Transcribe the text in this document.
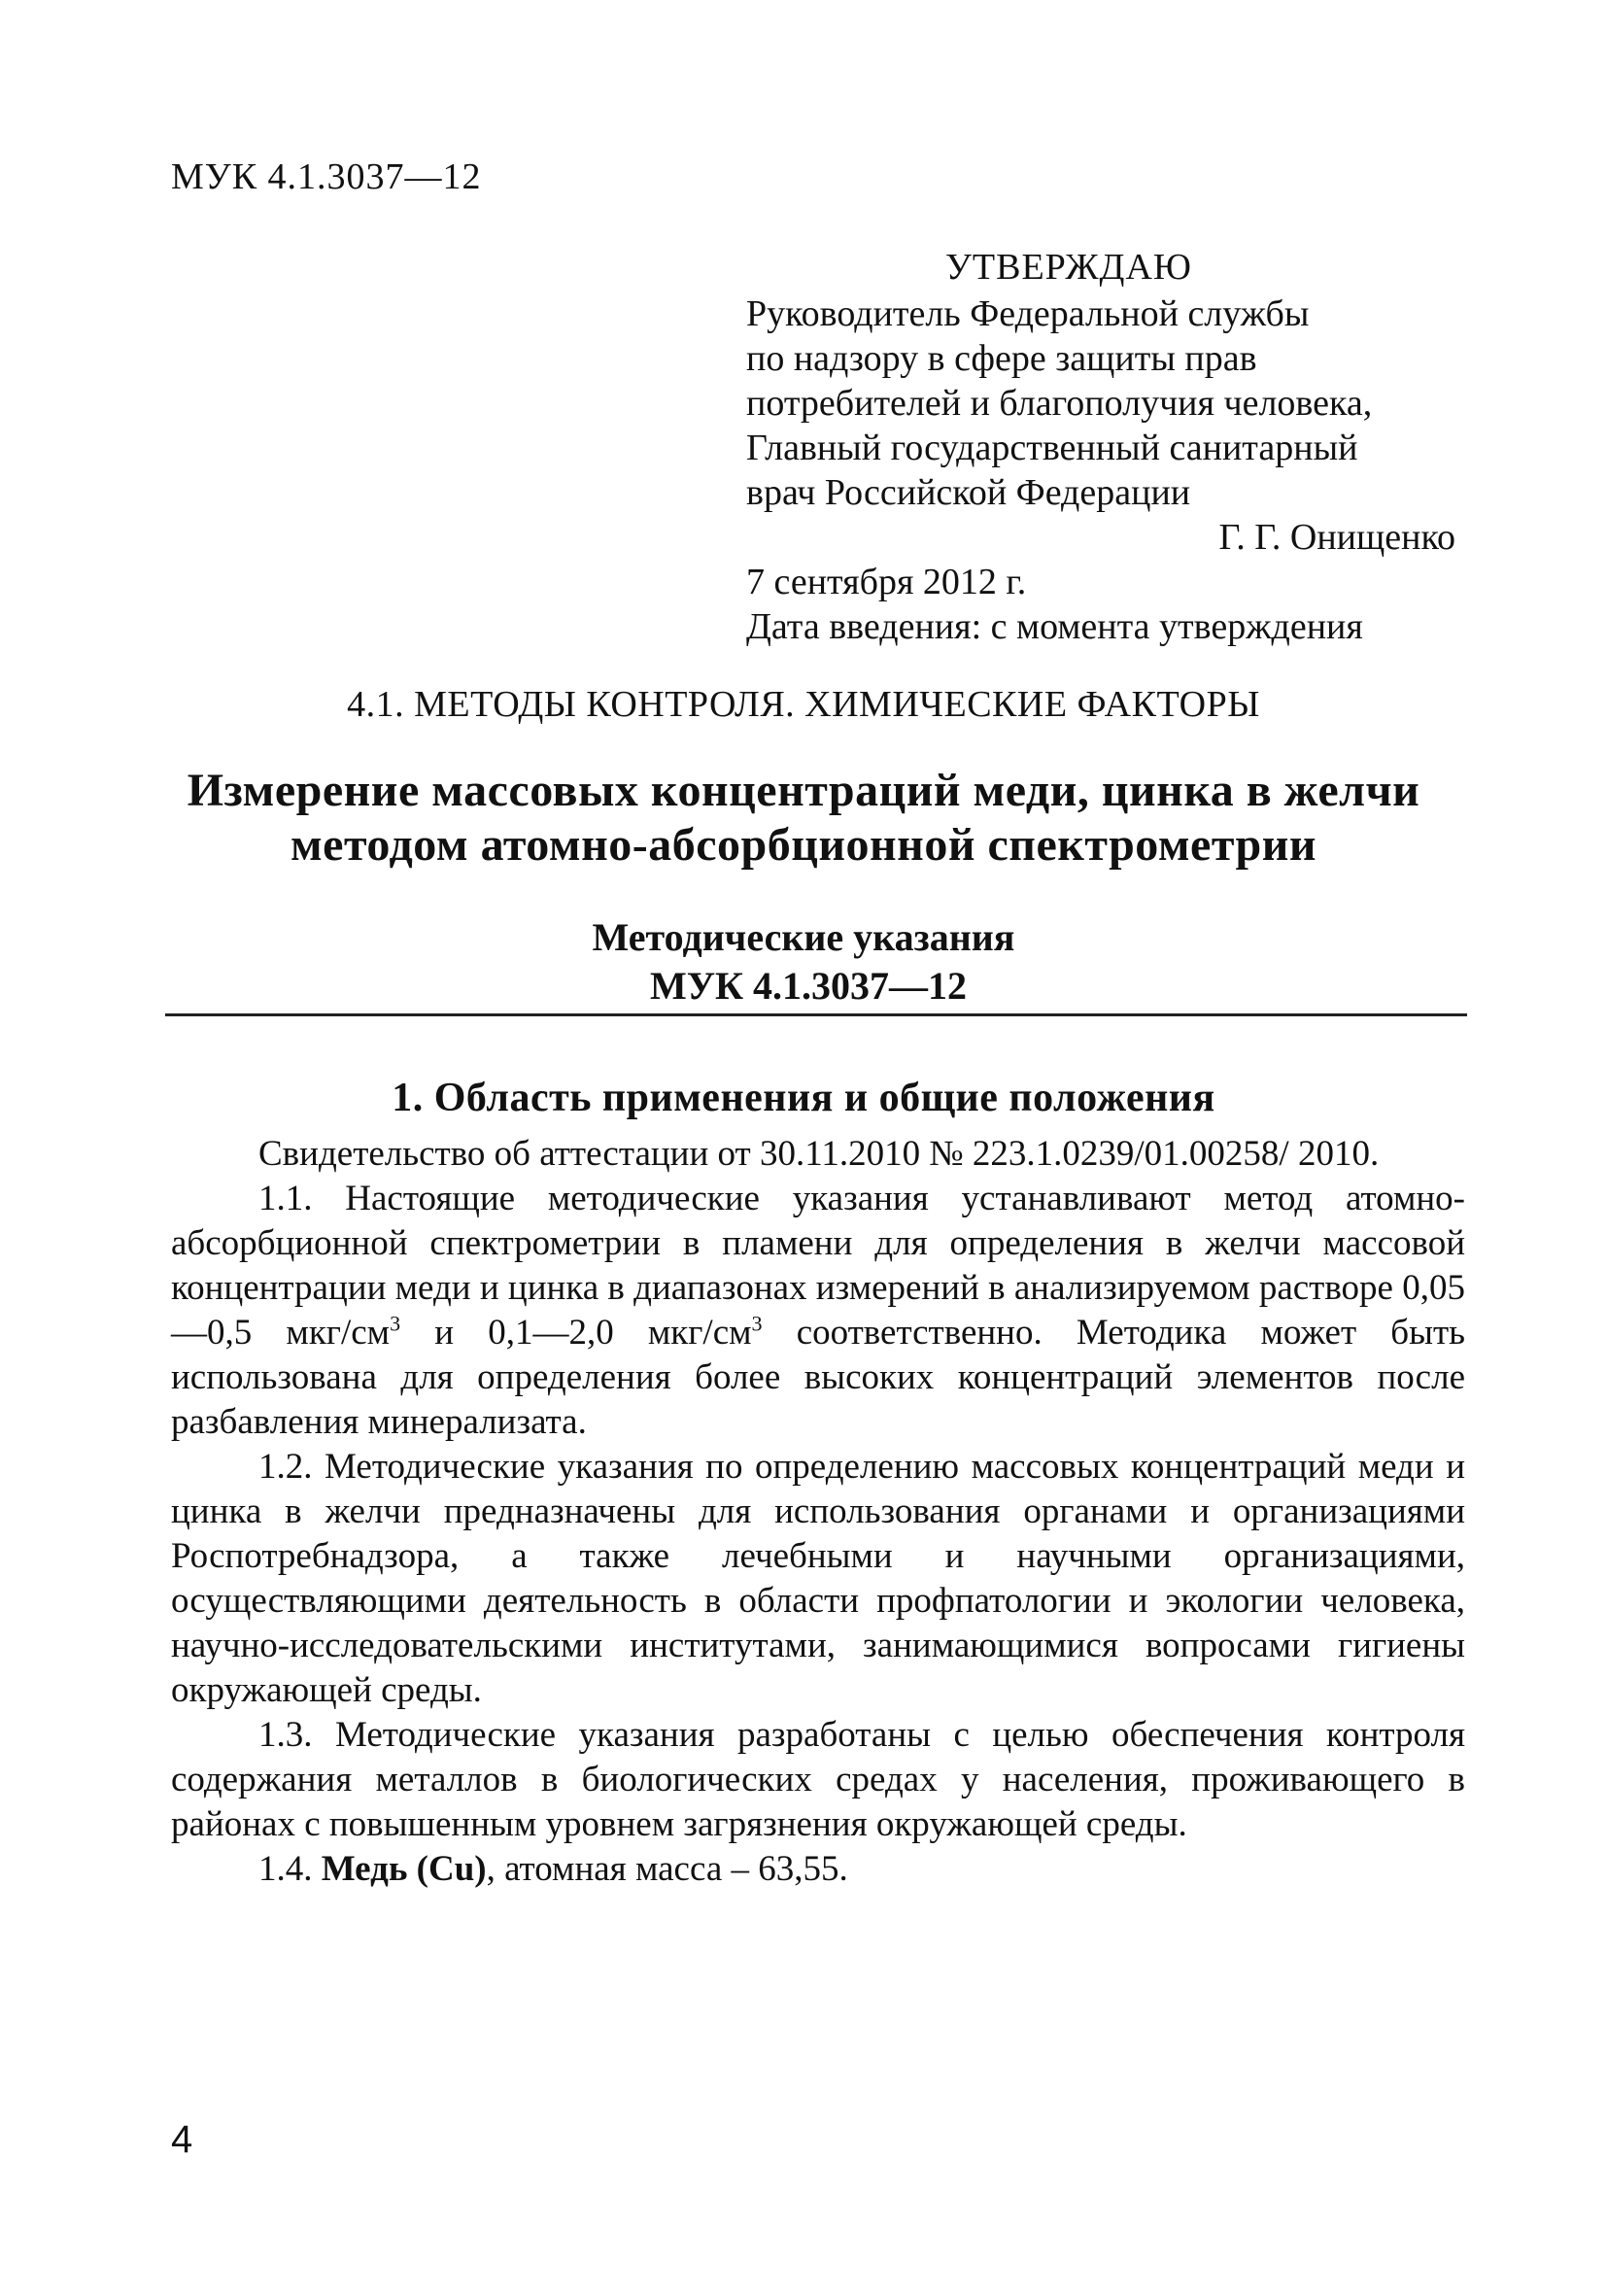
МУК 4.1.3037—12
УТВЕРЖДАЮ
Руководитель Федеральной службы
по надзору в сфере защиты прав
потребителей и благополучия человека,
Главный государственный санитарный
врач Российской Федерации
Г. Г. Онищенко
7 сентября 2012 г.
Дата введения: с момента утверждения
4.1. МЕТОДЫ КОНТРОЛЯ. ХИМИЧЕСКИЕ ФАКТОРЫ
Измерение массовых концентраций меди, цинка в желчи
методом атомно-абсорбционной спектрометрии
Методические указания
МУК 4.1.3037—12
1. Область применения и общие положения

Свидетельство об аттестации от 30.11.2010 № 223.1.0239/01.00258/ 2010.

1.1. Настоящие методические указания устанавливают метод атомно-абсорбционной спектрометрии в пламени для определения в желчи массовой концентрации меди и цинка в диапазонах измерений в анализируемом растворе 0,05—0,5 мкг/$см^3$ и 0,1—2,0 мкг/$см^3$ соответственно. Методика может быть использована для определения более высоких концентраций элементов после разбавления минерализата.

1.2. Методические указания по определению массовых концентраций меди и цинка в желчи предназначены для использования органами и организациями Роспотребнадзора, а также лечебными и научными организациями, осуществляющими деятельность в области профпатологии и экологии человека, научно-исследовательскими институтами, занимающимися вопросами гигиены окружающей среды.

1.3. Методические указания разработаны с целью обеспечения контроля содержания металлов в биологических средах у населения, проживающего в районах с повышенным уровнем загрязнения окружающей среды.

1.4. Медь (Cu), атомная масса – 63,55.

4
